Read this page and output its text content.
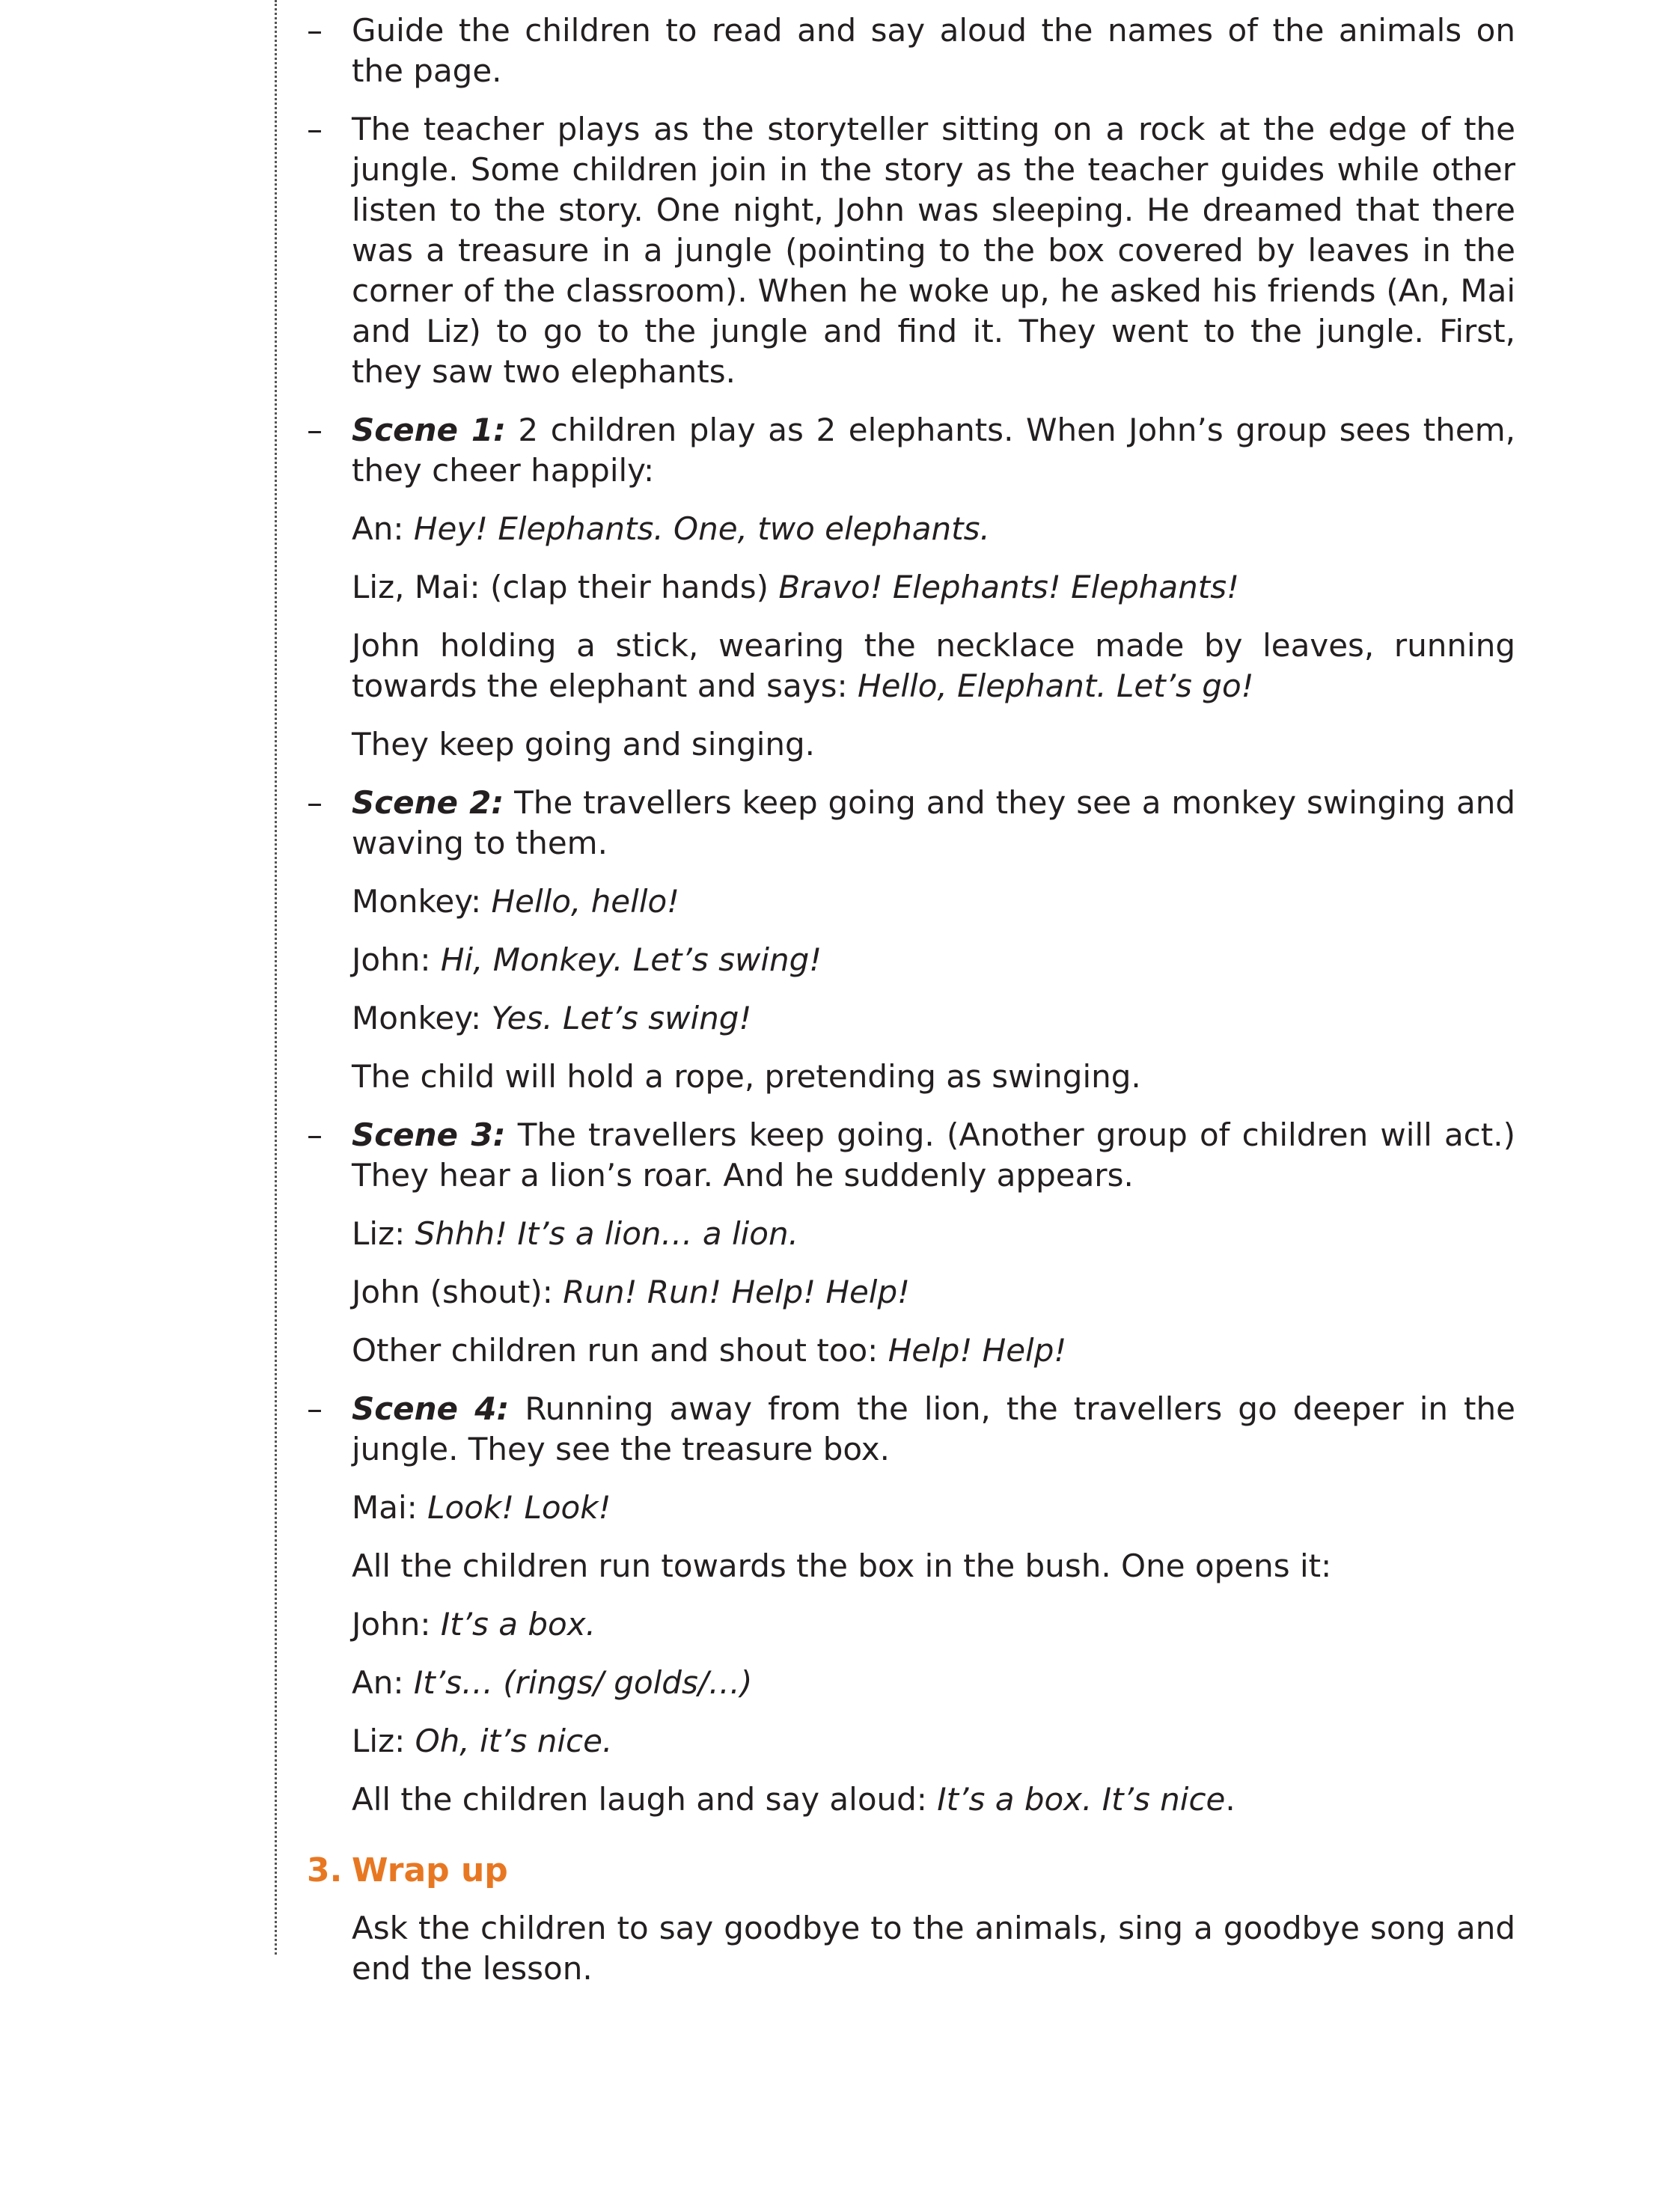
– Guide the children to read and say aloud the names of the animals on the page.
– The teacher plays as the storyteller sitting on a rock at the edge of the jungle. Some children join in the story as the teacher guides while other listen to the story. One night, John was sleeping. He dreamed that there was a treasure in a jungle (pointing to the box covered by leaves in the corner of the classroom). When he woke up, he asked his friends (An, Mai and Liz) to go to the jungle and find it. They went to the jungle. First, they saw two elephants.
– Scene 1: 2 children play as 2 elephants. When John’s group sees them, they cheer happily:
An: Hey! Elephants. One, two elephants.
Liz, Mai: (clap their hands) Bravo! Elephants! Elephants!
John holding a stick, wearing the necklace made by leaves, running towards the elephant and says: Hello, Elephant. Let’s go!
They keep going and singing.
– Scene 2: The travellers keep going and they see a monkey swinging and waving to them.
Monkey: Hello, hello!
John: Hi, Monkey. Let’s swing!
Monkey: Yes. Let’s swing!
The child will hold a rope, pretending as swinging.
– Scene 3: The travellers keep going. (Another group of children will act.) They hear a lion’s roar. And he suddenly appears.
Liz: Shhh! It’s a lion… a lion.
John (shout): Run! Run! Help! Help!
Other children run and shout too: Help! Help!
– Scene 4: Running away from the lion, the travellers go deeper in the jungle. They see the treasure box.
Mai: Look! Look!
All the children run towards the box in the bush. One opens it:
John: It’s a box.
An: It’s… (rings/ golds/…)
Liz: Oh, it’s nice.
All the children laugh and say aloud: It’s a box. It’s nice.
3. Wrap up
Ask the children to say goodbye to the animals, sing a goodbye song and end the lesson.
